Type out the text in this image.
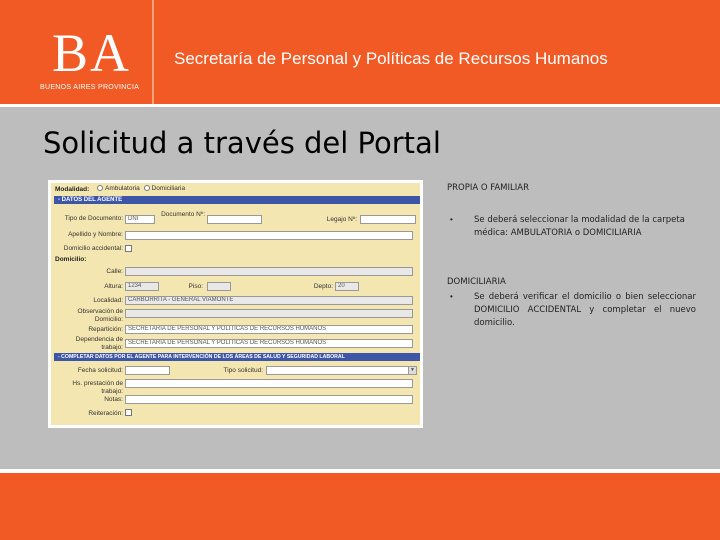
BA
BUENOS AIRES PROVINCIA
Secretaría de Personal y Políticas de Recursos Humanos
Solicitud a través del Portal
Modalidad:	Ambulatoria Domiciliaria
- DATOS DEL AGENTE
Tipo de Documento: DNI
Documento Nº:
Legajo Nº:
Apellido y Nombre:
Domicilio accidental:
Domicilio:
Calle:
Altura: 1234	Piso:	Depto: 20
Localidad: CARBORRITA - GENERAL VIAMONTE
Observación de Domicilio:
Repartición: SECRETARIA DE PERSONAL Y POLITICAS DE RECURSOS HUMANOS
Dependencia de trabajo:
SECRETARIA DE PERSONAL Y POLITICAS DE RECURSOS HUMANOS
- COMPLETAR DATOS POR EL AGENTE PARA INTERVENCIÓN DE LOS ÁREAS DE SALUD Y SEGURIDAD LABORAL
Fecha solicitud:	Tipo solicitud:	▼
Hs. prestación de trabajo:
Notas:
Reiteración:
PROPIA O FAMILIAR
• Se deberá seleccionar la modalidad de la carpeta médica: AMBULATORIA o DOMICILIARIA
DOMICILIARIA
• Se deberá verificar el domicilio o bien seleccionar DOMICILIO ACCIDENTAL y completar el nuevo domicilio.
